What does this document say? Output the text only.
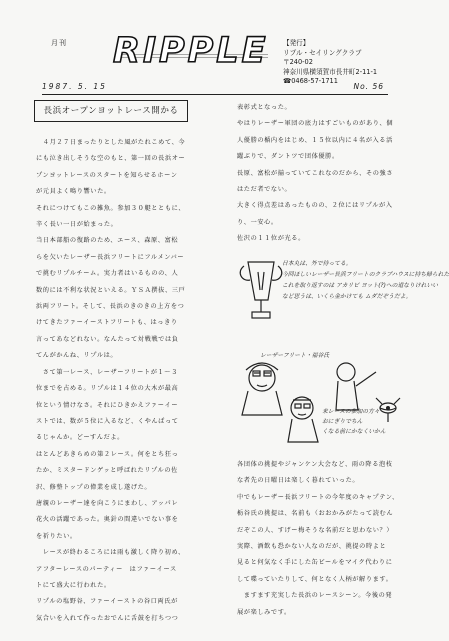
月刊 RIPPLE 【発行】
リプル・セイリングクラブ
〒240-02
神奈川県横須賀市長井町2-11-1
☎0468-57-1711
1987. 5. 15	No. 56
長浜オープンヨットレース開かる

　４月２７日まったりとした風がたれこめて、今

にも泣き出しそうな空のもと、第一回の長浜オー

プンヨットレースのスタートを知らせるホーン

が元貝よく鳴り響いた。

それにつけてもこの雑魚。参加３０艇とともに、

辛く長い一日が始まった。

当日本部船の復路のため、エース、森原、富松

らを欠いたレーザー長浜フリートにフルメンバー

で挑むリプルチーム。実力者はいるものの、人

数的には不利な状況といえる。ＹＳＡ撰抜、三戸

浜両フリート。そして、長浜のきのきの上方をつ

けてきたファーイーストフリートも、はっきり

言ってあなどれない。なんたって対戦戦では負

てんがかんね、リプルは。

　さて第一レース、レーザーフリートが１～３

位までを占める。リプルは１４位の大木が最高

位という情けなさ。それにひきかえファーイー

ストでは、数が５位に入るなど、くやんぱって

るじゃんか。どーすんだよ。

はとんどあきらめの第２レース。何をとち狂っ

たか、ミスタードンゲッと呼ばれたリプルの佐

沢、修整トップの偉業を成し遂げた。

唐親のレーザー達を向こうにまわし、アッパレ

花火の活躍であった。奥針の間違いでない事を

を祈りたい。

　レースが終わるころには雨も激しく降り初め、

アフターレースのパーティー　はファーイース

トにて盛大に行われた。

リプルの塩野谷、ファーイーストの谷口両氏が

気合いを入れて作ったおでんに舌鼓を打ちつつ

表彰式となった。

やはりレーザー軍団の底力はすごいものがあり、個

人優勝の楯内をはじめ、１５位以内に４名が入る活

躍ぶりで、ダントツで団体優勝。

長原、富松が揃っていてこれなのだから、その強さ

はただ者でない。

大きく得点差はあったものの、２位にはリプルが入

り、一安心。

佐沢の１１位が光る。

日本丸は、外で待ってる。
今回ほしいレーザー長浜フリートのクラブハウスに持ち帰られた
これを取り返すのは アカリビ ヨット(?)への道なりけれいい
など思うは、いくら金かけても ムダだぞうだよ。
レーザーフリート・福谷氏
来レースの参加の方々
おにぎりでちん
くなる前にかなくいかん

各団体の挑提やジャンケン大会など、雨の降る泡枝

な者先の日曜日は楽しく暮れていった。

中でもレーザー長浜フリートの今年度のキャプテン、

栃谷氏の挑提は、名前も（おおかみがたって読むん

だぞこの人、すげー梅そうな名前だと思わない？）

実際、酒飲も恐かない人なのだが、挑提の時よと

見ると何気なく手にした缶ビールをマイク代わりに

して喋っていたりして、何となく人柄が解ります。

　ますます充実した長浜のレースシーン。今後の発

展が楽しみです。
